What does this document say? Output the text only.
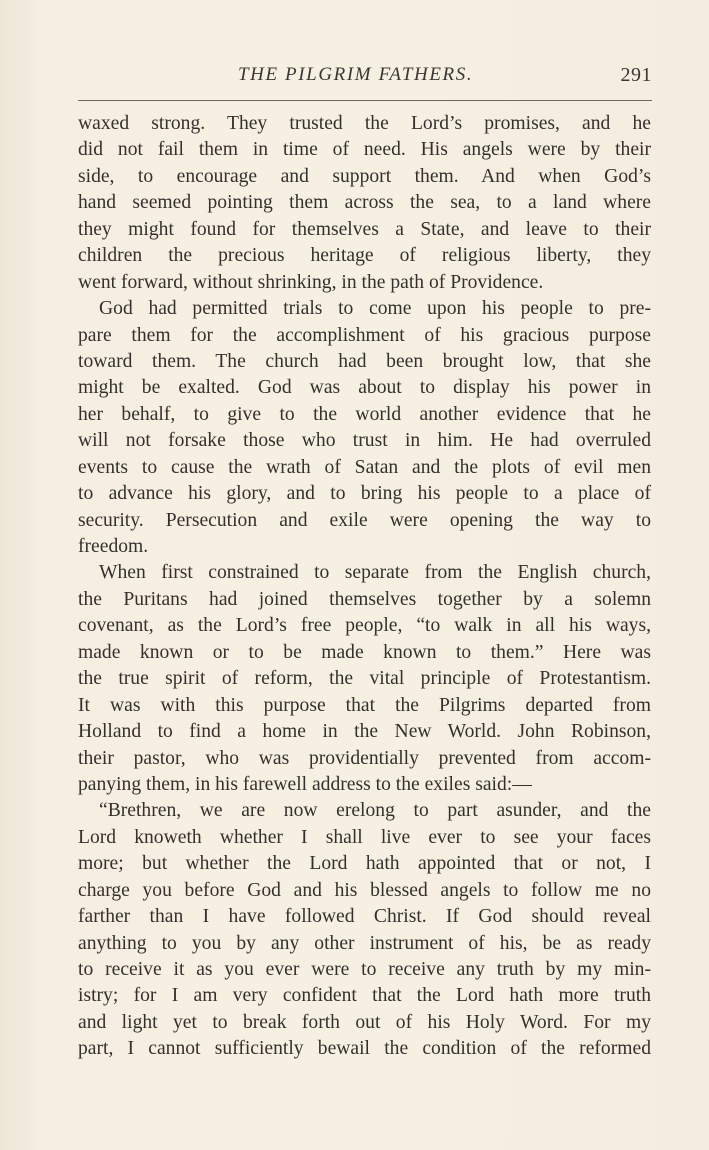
THE PILGRIM FATHERS.	291
waxed strong. They trusted the Lord’s promises, and he
did not fail them in time of need. His angels were by their
side, to encourage and support them. And when God’s
hand seemed pointing them across the sea, to a land where
they might found for themselves a State, and leave to their
children the precious heritage of religious liberty, they
went forward, without shrinking, in the path of Providence.
God had permitted trials to come upon his people to pre-
pare them for the accomplishment of his gracious purpose
toward them. The church had been brought low, that she
might be exalted. God was about to display his power in
her behalf, to give to the world another evidence that he
will not forsake those who trust in him. He had overruled
events to cause the wrath of Satan and the plots of evil men
to advance his glory, and to bring his people to a place of
security. Persecution and exile were opening the way to
freedom.
When first constrained to separate from the English church,
the Puritans had joined themselves together by a solemn
covenant, as the Lord’s free people, “to walk in all his ways,
made known or to be made known to them.” Here was
the true spirit of reform, the vital principle of Protestantism.
It was with this purpose that the Pilgrims departed from
Holland to find a home in the New World. John Robinson,
their pastor, who was providentially prevented from accom-
panying them, in his farewell address to the exiles said:—
“Brethren, we are now erelong to part asunder, and the
Lord knoweth whether I shall live ever to see your faces
more; but whether the Lord hath appointed that or not, I
charge you before God and his blessed angels to follow me no
farther than I have followed Christ. If God should reveal
anything to you by any other instrument of his, be as ready
to receive it as you ever were to receive any truth by my min-
istry; for I am very confident that the Lord hath more truth
and light yet to break forth out of his Holy Word. For my
part, I cannot sufficiently bewail the condition of the reformed
